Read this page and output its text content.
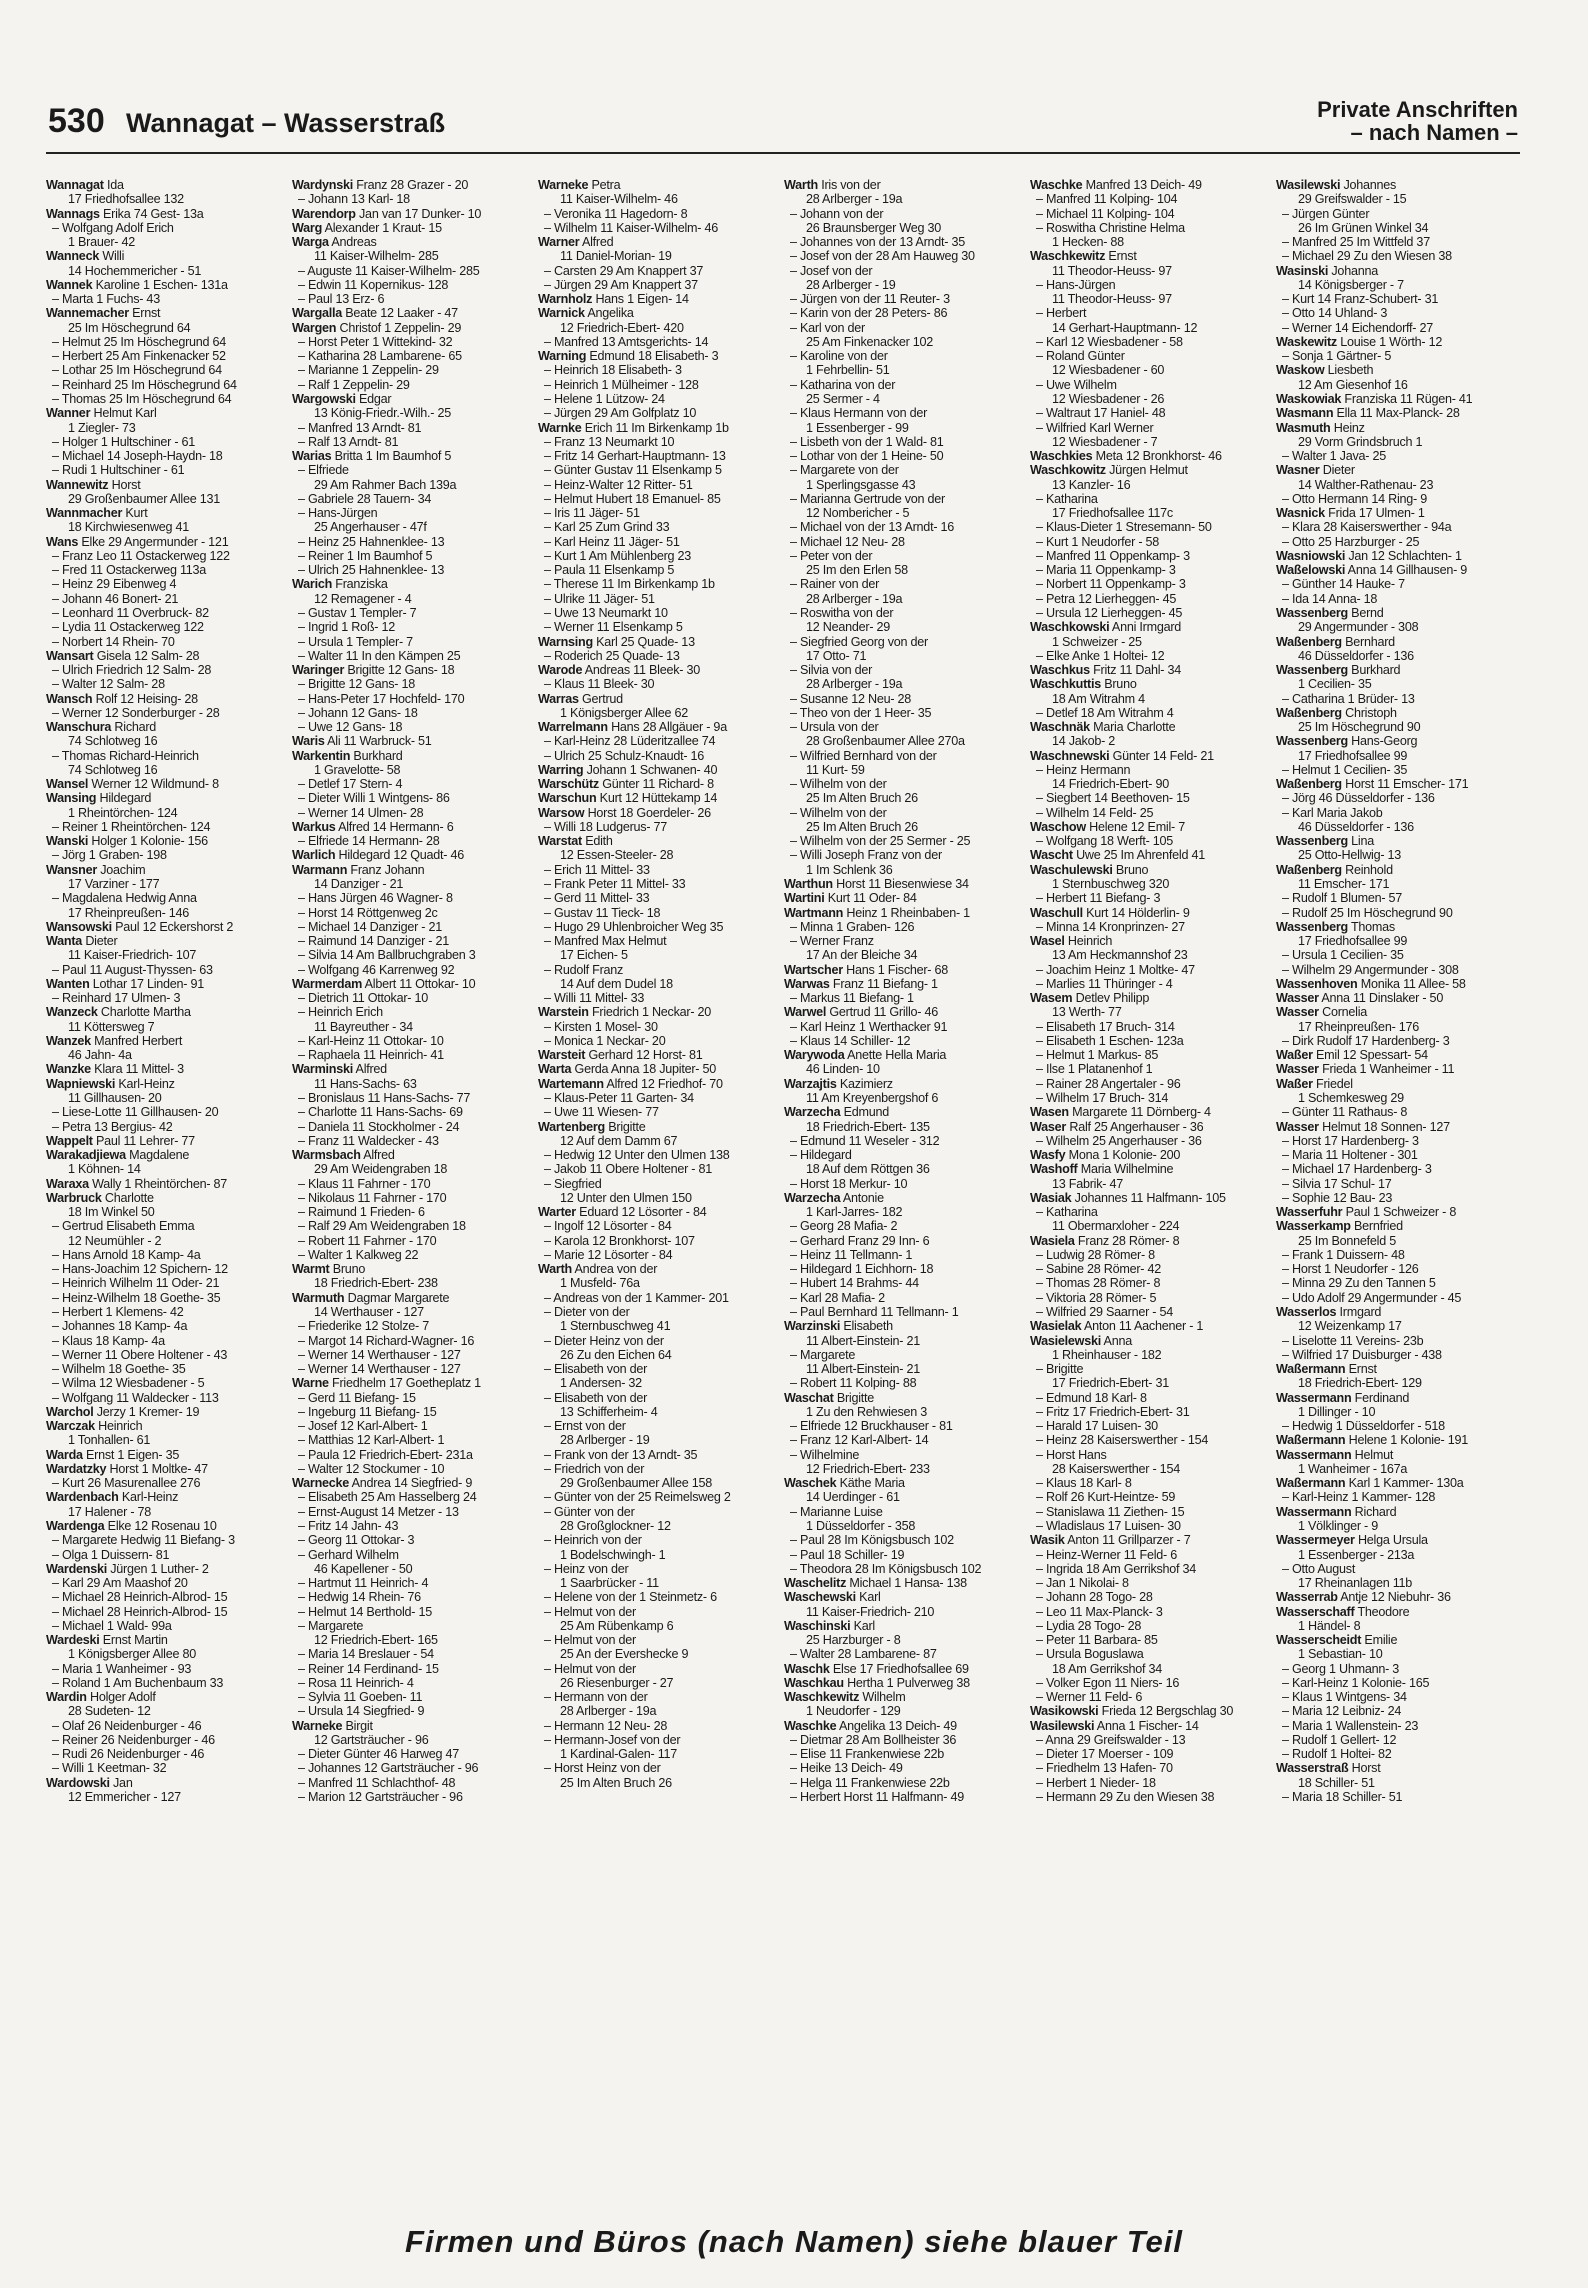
530 Wannagat – Wasserstraß	Private Anschriften
– nach Namen –
Wannagat Ida
17 Friedhofsallee 132
Wannags Erika 74 Gest- 13a
– Wolfgang Adolf Erich
1 Brauer- 42
Wanneck Willi
14 Hochemmericher - 51
Wannek Karoline 1 Eschen- 131a
– Marta 1 Fuchs- 43
Wannemacher Ernst
25 Im Höschegrund 64
– Helmut 25 Im Höschegrund 64
– Herbert 25 Am Finkenacker 52
– Lothar 25 Im Höschegrund 64
– Reinhard 25 Im Höschegrund 64
– Thomas 25 Im Höschegrund 64
Wanner Helmut Karl
1 Ziegler- 73
– Holger 1 Hultschiner - 61
– Michael 14 Joseph-Haydn- 18
– Rudi 1 Hultschiner - 61
Wannewitz Horst
29 Großenbaumer Allee 131
Wannmacher Kurt
18 Kirchwiesenweg 41
Wans Elke 29 Angermunder - 121
– Franz Leo 11 Ostackerweg 122
– Fred 11 Ostackerweg 113a
– Heinz 29 Eibenweg 4
– Johann 46 Bonert- 21
– Leonhard 11 Overbruck- 82
– Lydia 11 Ostackerweg 122
– Norbert 14 Rhein- 70
Wansart Gisela 12 Salm- 28
– Ulrich Friedrich 12 Salm- 28
– Walter 12 Salm- 28
Wansch Rolf 12 Heising- 28
– Werner 12 Sonderburger - 28
Wanschura Richard
74 Schlotweg 16
– Thomas Richard-Heinrich
74 Schlotweg 16
Wansel Werner 12 Wildmund- 8
Wansing Hildegard
1 Rheintörchen- 124
– Reiner 1 Rheintörchen- 124
Wanski Holger 1 Kolonie- 156
– Jörg 1 Graben- 198
Wansner Joachim
17 Varziner - 177
– Magdalena Hedwig Anna
17 Rheinpreußen- 146
Wansowski Paul 12 Eckershorst 2
Wanta Dieter
11 Kaiser-Friedrich- 107
– Paul 11 August-Thyssen- 63
Wanten Lothar 17 Linden- 91
– Reinhard 17 Ulmen- 3
Wanzeck Charlotte Martha
11 Köttersweg 7
Wanzek Manfred Herbert
46 Jahn- 4a
Wanzke Klara 11 Mittel- 3
Wapniewski Karl-Heinz
11 Gillhausen- 20
– Liese-Lotte 11 Gillhausen- 20
– Petra 13 Bergius- 42
Wappelt Paul 11 Lehrer- 77
Warakadjiewa Magdalene
1 Köhnen- 14
Waraxa Wally 1 Rheintörchen- 87
Warbruck Charlotte
18 Im Winkel 50
– Gertrud Elisabeth Emma
12 Neumühler - 2
– Hans Arnold 18 Kamp- 4a
– Hans-Joachim 12 Spichern- 12
– Heinrich Wilhelm 11 Oder- 21
– Heinz-Wilhelm 18 Goethe- 35
– Herbert 1 Klemens- 42
– Johannes 18 Kamp- 4a
– Klaus 18 Kamp- 4a
– Werner 11 Obere Holtener - 43
– Wilhelm 18 Goethe- 35
– Wilma 12 Wiesbadener - 5
– Wolfgang 11 Waldecker - 113
Warchol Jerzy 1 Kremer- 19
Warczak Heinrich
1 Tonhallen- 61
Warda Ernst 1 Eigen- 35
Wardatzky Horst 1 Moltke- 47
– Kurt 26 Masurenallee 276
Wardenbach Karl-Heinz
17 Halener - 78
Wardenga Elke 12 Rosenau 10
– Margarete Hedwig 11 Biefang- 3
– Olga 1 Duissern- 81
Wardenski Jürgen 1 Luther- 2
– Karl 29 Am Maashof 20
– Michael 28 Heinrich-Albrod- 15
– Michael 28 Heinrich-Albrod- 15
– Michael 1 Wald- 99a
Wardeski Ernst Martin
1 Königsberger Allee 80
– Maria 1 Wanheimer - 93
– Roland 1 Am Buchenbaum 33
Wardin Holger Adolf
28 Sudeten- 12
– Olaf 26 Neidenburger - 46
– Reiner 26 Neidenburger - 46
– Rudi 26 Neidenburger - 46
– Willi 1 Keetman- 32
Wardowski Jan
12 Emmericher - 127
Wardynski Franz 28 Grazer - 20
– Johann 13 Karl- 18
Warendorp Jan van 17 Dunker- 10
Warg Alexander 1 Kraut- 15
Warga Andreas
11 Kaiser-Wilhelm- 285
– Auguste 11 Kaiser-Wilhelm- 285
– Edwin 11 Kopernikus- 128
– Paul 13 Erz- 6
Wargalla Beate 12 Laaker - 47
Wargen Christof 1 Zeppelin- 29
– Horst Peter 1 Wittekind- 32
– Katharina 28 Lambarene- 65
– Marianne 1 Zeppelin- 29
– Ralf 1 Zeppelin- 29
Wargowski Edgar
13 König-Friedr.-Wilh.- 25
– Manfred 13 Arndt- 81
– Ralf 13 Arndt- 81
Warias Britta 1 Im Baumhof 5
– Elfriede
29 Am Rahmer Bach 139a
– Gabriele 28 Tauern- 34
– Hans-Jürgen
25 Angerhauser - 47f
– Heinz 25 Hahnenklee- 13
– Reiner 1 Im Baumhof 5
– Ulrich 25 Hahnenklee- 13
Warich Franziska
12 Remagener - 4
– Gustav 1 Templer- 7
– Ingrid 1 Roß- 12
– Ursula 1 Templer- 7
– Walter 11 In den Kämpen 25
Waringer Brigitte 12 Gans- 18
– Brigitte 12 Gans- 18
– Hans-Peter 17 Hochfeld- 170
– Johann 12 Gans- 18
– Uwe 12 Gans- 18
Waris Ali 11 Warbruck- 51
Warkentin Burkhard
1 Gravelotte- 58
– Detlef 17 Stern- 4
– Dieter Willi 1 Wintgens- 86
– Werner 14 Ulmen- 28
Warkus Alfred 14 Hermann- 6
– Elfriede 14 Hermann- 28
Warlich Hildegard 12 Quadt- 46
Warmann Franz Johann
14 Danziger - 21
– Hans Jürgen 46 Wagner- 8
– Horst 14 Röttgenweg 2c
– Michael 14 Danziger - 21
– Raimund 14 Danziger - 21
– Silvia 14 Am Ballbruchgraben 3
– Wolfgang 46 Karrenweg 92
Warmerdam Albert 11 Ottokar- 10
– Dietrich 11 Ottokar- 10
– Heinrich Erich
11 Bayreuther - 34
– Karl-Heinz 11 Ottokar- 10
– Raphaela 11 Heinrich- 41
Warminski Alfred
11 Hans-Sachs- 63
– Bronislaus 11 Hans-Sachs- 77
– Charlotte 11 Hans-Sachs- 69
– Daniela 11 Stockholmer - 24
– Franz 11 Waldecker - 43
Warmsbach Alfred
29 Am Weidengraben 18
– Klaus 11 Fahrner - 170
– Nikolaus 11 Fahrner - 170
– Raimund 1 Frieden- 6
– Ralf 29 Am Weidengraben 18
– Robert 11 Fahrner - 170
– Walter 1 Kalkweg 22
Warmt Bruno
18 Friedrich-Ebert- 238
Warmuth Dagmar Margarete
14 Werthauser - 127
– Friederike 12 Stolze- 7
– Margot 14 Richard-Wagner- 16
– Werner 14 Werthauser - 127
– Werner 14 Werthauser - 127
Warne Friedhelm 17 Goetheplatz 1
– Gerd 11 Biefang- 15
– Ingeburg 11 Biefang- 15
– Josef 12 Karl-Albert- 1
– Matthias 12 Karl-Albert- 1
– Paula 12 Friedrich-Ebert- 231a
– Walter 12 Stockumer - 10
Warnecke Andrea 14 Siegfried- 9
– Elisabeth 25 Am Hasselberg 24
– Ernst-August 14 Metzer - 13
– Fritz 14 Jahn- 43
– Georg 11 Ottokar- 3
– Gerhard Wilhelm
46 Kapellener - 50
– Hartmut 11 Heinrich- 4
– Hedwig 14 Rhein- 76
– Helmut 14 Berthold- 15
– Margarete
12 Friedrich-Ebert- 165
– Maria 14 Breslauer - 54
– Reiner 14 Ferdinand- 15
– Rosa 11 Heinrich- 4
– Sylvia 11 Goeben- 11
– Ursula 14 Siegfried- 9
Warneke Birgit
12 Gartsträucher - 96
– Dieter Günter 46 Harweg 47
– Johannes 12 Gartsträucher - 96
– Manfred 11 Schlachthof- 48
– Marion 12 Gartsträucher - 96
Warneke Petra
11 Kaiser-Wilhelm- 46
– Veronika 11 Hagedorn- 8
– Wilhelm 11 Kaiser-Wilhelm- 46
Warner Alfred
11 Daniel-Morian- 19
– Carsten 29 Am Knappert 37
– Jürgen 29 Am Knappert 37
Warnholz Hans 1 Eigen- 14
Warnick Angelika
12 Friedrich-Ebert- 420
– Manfred 13 Amtsgerichts- 14
Warning Edmund 18 Elisabeth- 3
– Heinrich 18 Elisabeth- 3
– Heinrich 1 Mülheimer - 128
– Helene 1 Lützow- 24
– Jürgen 29 Am Golfplatz 10
Warnke Erich 11 Im Birkenkamp 1b
– Franz 13 Neumarkt 10
– Fritz 14 Gerhart-Hauptmann- 13
– Günter Gustav 11 Elsenkamp 5
– Heinz-Walter 12 Ritter- 51
– Helmut Hubert 18 Emanuel- 85
– Iris 11 Jäger- 51
– Karl 25 Zum Grind 33
– Karl Heinz 11 Jäger- 51
– Kurt 1 Am Mühlenberg 23
– Paula 11 Elsenkamp 5
– Therese 11 Im Birkenkamp 1b
– Ulrike 11 Jäger- 51
– Uwe 13 Neumarkt 10
– Werner 11 Elsenkamp 5
Warnsing Karl 25 Quade- 13
– Roderich 25 Quade- 13
Warode Andreas 11 Bleek- 30
– Klaus 11 Bleek- 30
Warras Gertrud
1 Königsberger Allee 62
Warrelmann Hans 28 Allgäuer - 9a
– Karl-Heinz 28 Lüderitzallee 74
– Ulrich 25 Schulz-Knaudt- 16
Warring Johann 1 Schwanen- 40
Warschütz Günter 11 Richard- 8
Warschun Kurt 12 Hüttekamp 14
Warsow Horst 18 Goerdeler- 26
– Willi 18 Ludgerus- 77
Warstat Edith
12 Essen-Steeler- 28
– Erich 11 Mittel- 33
– Frank Peter 11 Mittel- 33
– Gerd 11 Mittel- 33
– Gustav 11 Tieck- 18
– Hugo 29 Uhlenbroicher Weg 35
– Manfred Max Helmut
17 Eichen- 5
– Rudolf Franz
14 Auf dem Dudel 18
– Willi 11 Mittel- 33
Warstein Friedrich 1 Neckar- 20
– Kirsten 1 Mosel- 30
– Monica 1 Neckar- 20
Warsteit Gerhard 12 Horst- 81
Warta Gerda Anna 18 Jupiter- 50
Wartemann Alfred 12 Friedhof- 70
– Klaus-Peter 11 Garten- 34
– Uwe 11 Wiesen- 77
Wartenberg Brigitte
12 Auf dem Damm 67
– Hedwig 12 Unter den Ulmen 138
– Jakob 11 Obere Holtener - 81
– Siegfried
12 Unter den Ulmen 150
Warter Eduard 12 Lösorter - 84
– Ingolf 12 Lösorter - 84
– Karola 12 Bronkhorst- 107
– Marie 12 Lösorter - 84
Warth Andrea von der
1 Musfeld- 76a
– Andreas von der 1 Kammer- 201
– Dieter von der
1 Sternbuschweg 41
– Dieter Heinz von der
26 Zu den Eichen 64
– Elisabeth von der
1 Andersen- 32
– Elisabeth von der
13 Schifferheim- 4
– Ernst von der
28 Arlberger - 19
– Frank von der 13 Arndt- 35
– Friedrich von der
29 Großenbaumer Allee 158
– Günter von der 25 Reimelsweg 2
– Günter von der
28 Großglockner- 12
– Heinrich von der
1 Bodelschwingh- 1
– Heinz von der
1 Saarbrücker - 11
– Helene von der 1 Steinmetz- 6
– Helmut von der
25 Am Rübenkamp 6
– Helmut von der
25 An der Eversheckе 9
– Helmut von der
26 Riesenburger - 27
– Hermann von der
28 Arlberger - 19a
– Hermann 12 Neu- 28
– Hermann-Josef von der
1 Kardinal-Galen- 117
– Horst Heinz von der
25 Im Alten Bruch 26
Warth Iris von der
28 Arlberger - 19a
– Johann von der
26 Braunsberger Weg 30
– Johannes von der 13 Arndt- 35
– Josef von der 28 Am Hauweg 30
– Josef von der
28 Arlberger - 19
– Jürgen von der 11 Reuter- 3
– Karin von der 28 Peters- 86
– Karl von der
25 Am Finkenacker 102
– Karoline von der
1 Fehrbellin- 51
– Katharina von der
25 Sermer - 4
– Klaus Hermann von der
1 Essenberger - 99
– Lisbeth von der 1 Wald- 81
– Lothar von der 1 Heine- 50
– Margarete von der
1 Sperlingsgasse 43
– Marianna Gertrude von der
12 Nombericher - 5
– Michael von der 13 Arndt- 16
– Michael 12 Neu- 28
– Peter von der
25 Im den Erlen 58
– Rainer von der
28 Arlberger - 19a
– Roswitha von der
12 Neander- 29
– Siegfried Georg von der
17 Otto- 71
– Silvia von der
28 Arlberger - 19a
– Susanne 12 Neu- 28
– Theo von der 1 Heer- 35
– Ursula von der
28 Großenbaumer Allee 270a
– Wilfried Bernhard von der
11 Kurt- 59
– Wilhelm von der
25 Im Alten Bruch 26
– Wilhelm von der
25 Im Alten Bruch 26
– Wilhelm von der 25 Sermer - 25
– Willi Joseph Franz von der
1 Im Schlenk 36
Warthun Horst 11 Biesenwiese 34
Wartini Kurt 11 Oder- 84
Wartmann Heinz 1 Rheinbaben- 1
– Minna 1 Graben- 126
– Werner Franz
17 An der Bleiche 34
Wartscher Hans 1 Fischer- 68
Warwas Franz 11 Biefang- 1
– Markus 11 Biefang- 1
Warwel Gertrud 11 Grillo- 46
– Karl Heinz 1 Werthacker 91
– Klaus 14 Schiller- 12
Warywoda Anette Hella Maria
46 Linden- 10
Warzajtis Kazimierz
11 Am Kreyenbergshof 6
Warzecha Edmund
18 Friedrich-Ebert- 135
– Edmund 11 Weseler - 312
– Hildegard
18 Auf dem Röttgen 36
– Horst 18 Merkur- 10
Warzecha Antonie
1 Karl-Jarres- 182
– Georg 28 Mafia- 2
– Gerhard Franz 29 Inn- 6
– Heinz 11 Tellmann- 1
– Hildegard 1 Eichhorn- 18
– Hubert 14 Brahms- 44
– Karl 28 Mafia- 2
– Paul Bernhard 11 Tellmann- 1
Warzinski Elisabeth
11 Albert-Einstein- 21
– Margarete
11 Albert-Einstein- 21
– Robert 11 Kolping- 88
Waschat Brigitte
1 Zu den Rehwiesen 3
– Elfriede 12 Bruckhauser - 81
– Franz 12 Karl-Albert- 14
– Wilhelmine
12 Friedrich-Ebert- 233
Waschek Käthe Maria
14 Uerdinger - 61
– Marianne Luise
1 Düsseldorfer - 358
– Paul 28 Im Königsbusch 102
– Paul 18 Schiller- 19
– Theodora 28 Im Königsbusch 102
Waschelitz Michael 1 Hansa- 138
Waschewski Karl
11 Kaiser-Friedrich- 210
Waschinski Karl
25 Harzburger - 8
– Walter 28 Lambarene- 87
Waschk Else 17 Friedhofsallee 69
Waschkau Hertha 1 Pulverweg 38
Waschkewitz Wilhelm
1 Neudorfer - 129
Waschke Angelika 13 Deich- 49
– Dietmar 28 Am Bollheister 36
– Elise 11 Frankenwiese 22b
– Heike 13 Deich- 49
– Helga 11 Frankenwiese 22b
– Herbert Horst 11 Halfmann- 49
Waschke Manfred 13 Deich- 49
– Manfred 11 Kolping- 104
– Michael 11 Kolping- 104
– Roswitha Christine Helma
1 Hecken- 88
Waschkewitz Ernst
11 Theodor-Heuss- 97
– Hans-Jürgen
11 Theodor-Heuss- 97
– Herbert
14 Gerhart-Hauptmann- 12
– Karl 12 Wiesbadener - 58
– Roland Günter
12 Wiesbadener - 60
– Uwe Wilhelm
12 Wiesbadener - 26
– Waltraut 17 Haniel- 48
– Wilfried Karl Werner
12 Wiesbadener - 7
Waschkies Meta 12 Bronkhorst- 46
Waschkowitz Jürgen Helmut
13 Kanzler- 16
– Katharina
17 Friedhofsallee 117c
– Klaus-Dieter 1 Stresemann- 50
– Kurt 1 Neudorfer - 58
– Manfred 11 Oppenkamp- 3
– Maria 11 Oppenkamp- 3
– Norbert 11 Oppenkamp- 3
– Petra 12 Lierheggen- 45
– Ursula 12 Lierheggen- 45
Waschkowski Anni Irmgard
1 Schweizer - 25
– Elke Anke 1 Holtei- 12
Waschkus Fritz 11 Dahl- 34
Waschkuttis Bruno
18 Am Witrahm 4
– Detlef 18 Am Witrahm 4
Waschnäk Maria Charlotte
14 Jakob- 2
Waschnewski Günter 14 Feld- 21
– Heinz Hermann
14 Friedrich-Ebert- 90
– Siegbert 14 Beethoven- 15
– Wilhelm 14 Feld- 25
Waschow Helene 12 Emil- 7
– Wolfgang 18 Werft- 105
Wascht Uwe 25 Im Ahrenfeld 41
Waschulewski Bruno
1 Sternbuschweg 320
– Herbert 11 Biefang- 3
Waschull Kurt 14 Hölderlin- 9
– Minna 14 Kronprinzen- 27
Wasel Heinrich
13 Am Heckmannshof 23
– Joachim Heinz 1 Moltke- 47
– Marlies 11 Thüringer - 4
Wasem Detlev Philipp
13 Werth- 77
– Elisabeth 17 Bruch- 314
– Elisabeth 1 Eschen- 123a
– Helmut 1 Markus- 85
– Ilse 1 Platanenhof 1
– Rainer 28 Angertaler - 96
– Wilhelm 17 Bruch- 314
Wasen Margarete 11 Dörnberg- 4
Waser Ralf 25 Angerhauser - 36
– Wilhelm 25 Angerhauser - 36
Wasfy Mona 1 Kolonie- 200
Washoff Maria Wilhelmine
13 Fabrik- 47
Wasiak Johannes 11 Halfmann- 105
– Katharina
11 Obermarxloher - 224
Wasiela Franz 28 Römer- 8
– Ludwig 28 Römer- 8
– Sabine 28 Römer- 42
– Thomas 28 Römer- 8
– Viktoria 28 Römer- 5
– Wilfried 29 Saarner - 54
Wasielak Anton 11 Aachener - 1
Wasielewski Anna
1 Rheinhauser - 182
– Brigitte
17 Friedrich-Ebert- 31
– Edmund 18 Karl- 8
– Fritz 17 Friedrich-Ebert- 31
– Harald 17 Luisen- 30
– Heinz 28 Kaiserswerther - 154
– Horst Hans
28 Kaiserswerther - 154
– Klaus 18 Karl- 8
– Rolf 26 Kurt-Heintze- 59
– Stanislawa 11 Ziethen- 15
– Wladislaus 17 Luisen- 30
Wasik Anton 11 Grillparzer - 7
– Heinz-Werner 11 Feld- 6
– Ingrida 18 Am Gerrikshof 34
– Jan 1 Nikolai- 8
– Johann 28 Togo- 28
– Leo 11 Max-Planck- 3
– Lydia 28 Togo- 28
– Peter 11 Barbara- 85
– Ursula Boguslawa
18 Am Gerrikshof 34
– Volker Egon 11 Niers- 16
– Werner 11 Feld- 6
Wasikowski Frieda 12 Bergschlag 30
Wasilewski Anna 1 Fischer- 14
– Anna 29 Greifswalder - 13
– Dieter 17 Moerser - 109
– Friedhelm 13 Hafen- 70
– Herbert 1 Nieder- 18
– Hermann 29 Zu den Wiesen 38
Wasilewski Johannes
29 Greifswalder - 15
– Jürgen Günter
26 Im Grünen Winkel 34
– Manfred 25 Im Wittfeld 37
– Michael 29 Zu den Wiesen 38
Wasinski Johanna
14 Königsberger - 7
– Kurt 14 Franz-Schubert- 31
– Otto 14 Uhland- 3
– Werner 14 Eichendorff- 27
Waskewitz Louise 1 Wörth- 12
– Sonja 1 Gärtner- 5
Waskow Liesbeth
12 Am Giesenhof 16
Waskowiak Franziska 11 Rügen- 41
Wasmann Ella 11 Max-Planck- 28
Wasmuth Heinz
29 Vorm Grindsbruch 1
– Walter 1 Java- 25
Wasner Dieter
14 Walther-Rathenau- 23
– Otto Hermann 14 Ring- 9
Wasnick Frida 17 Ulmen- 1
– Klara 28 Kaiserswerther - 94a
– Otto 25 Harzburger - 25
Wasniowski Jan 12 Schlachten- 1
Waßelowski Anna 14 Gillhausen- 9
– Günther 14 Hauke- 7
– Ida 14 Anna- 18
Wassenberg Bernd
29 Angermunder - 308
Waßenberg Bernhard
46 Düsseldorfer - 136
Wassenberg Burkhard
1 Cecilien- 35
– Catharina 1 Brüder- 13
Waßenberg Christoph
25 Im Höschegrund 90
Wassenberg Hans-Georg
17 Friedhofsallee 99
– Helmut 1 Cecilien- 35
Waßenberg Horst 11 Emscher- 171
– Jörg 46 Düsseldorfer - 136
– Karl Maria Jakob
46 Düsseldorfer - 136
Wassenberg Lina
25 Otto-Hellwig- 13
Waßenberg Reinhold
11 Emscher- 171
– Rudolf 1 Blumen- 57
– Rudolf 25 Im Höschegrund 90
Wassenberg Thomas
17 Friedhofsallee 99
– Ursula 1 Cecilien- 35
– Wilhelm 29 Angermunder - 308
Wassenhoven Monika 11 Allee- 58
Wasser Anna 11 Dinslaker - 50
Wasser Cornelia
17 Rheinpreußen- 176
– Dirk Rudolf 17 Hardenberg- 3
Waßer Emil 12 Spessart- 54
Wasser Frieda 1 Wanheimer - 11
Waßer Friedel
1 Schemkesweg 29
– Günter 11 Rathaus- 8
Wasser Helmut 18 Sonnen- 127
– Horst 17 Hardenberg- 3
– Maria 11 Holtener - 301
– Michael 17 Hardenberg- 3
– Silvia 17 Schul- 17
– Sophie 12 Bau- 23
Wasserfuhr Paul 1 Schweizer - 8
Wasserkamp Bernfried
25 Im Bonnefeld 5
– Frank 1 Duissern- 48
– Horst 1 Neudorfer - 126
– Minna 29 Zu den Tannen 5
– Udo Adolf 29 Angermunder - 45
Wasserlos Irmgard
12 Weizenkamp 17
– Liselotte 11 Vereins- 23b
– Wilfried 17 Duisburger - 438
Waßermann Ernst
18 Friedrich-Ebert- 129
Wassermann Ferdinand
1 Dillinger - 10
– Hedwig 1 Düsseldorfer - 518
Waßermann Helene 1 Kolonie- 191
Wassermann Helmut
1 Wanheimer - 167a
Waßermann Karl 1 Kammer- 130a
– Karl-Heinz 1 Kammer- 128
Wassermann Richard
1 Völklinger - 9
Wassermeyer Helga Ursula
1 Essenberger - 213a
– Otto August
17 Rheinanlagen 11b
Wasserrab Antje 12 Niebuhr- 36
Wasserschaff Theodore
1 Händel- 8
Wasserscheidt Emilie
1 Sebastian- 10
– Georg 1 Uhmann- 3
– Karl-Heinz 1 Kolonie- 165
– Klaus 1 Wintgens- 34
– Maria 12 Leibniz- 24
– Maria 1 Wallenstein- 23
– Rudolf 1 Gellert- 12
– Rudolf 1 Holtei- 82
Wasserstraß Horst
18 Schiller- 51
– Maria 18 Schiller- 51
Firmen und Büros (nach Namen) siehe blauer Teil
